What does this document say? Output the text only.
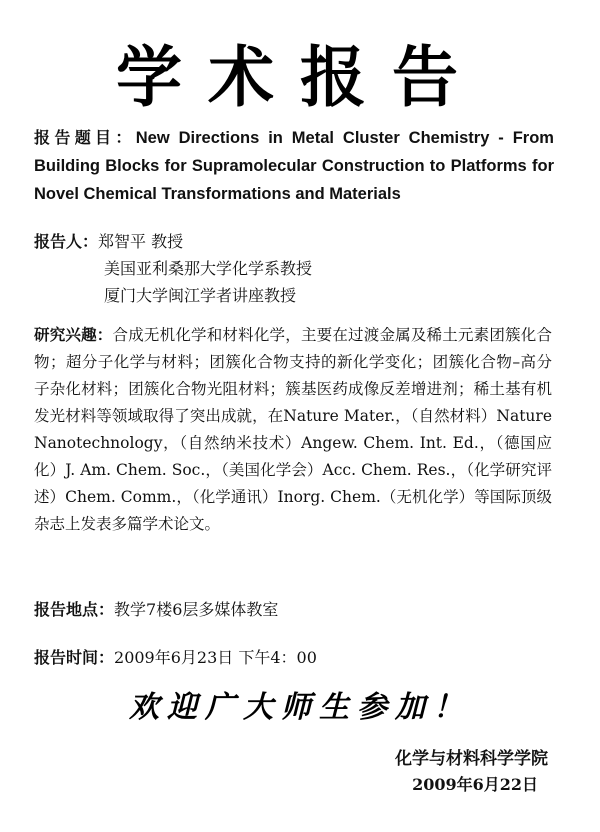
学术报告
报告题目：New Directions in Metal Cluster Chemistry - From Building Blocks for Supramolecular Construction to Platforms for Novel Chemical Transformations and Materials
报告人：郑智平 教授
美国亚利桑那大学化学系教授
厦门大学闽江学者讲座教授
研究兴趣：合成无机化学和材料化学，主要在过渡金属及稀土元素团簇化合物；超分子化学与材料；团簇化合物支持的新化学变化；团簇化合物–高分子杂化材料；团簇化合物光阻材料；簇基医药成像反差增进剂；稀土基有机发光材料等领域取得了突出成就，在Nature Mater.，（自然材料）Nature Nanotechnology，（自然纳米技术）Angew. Chem. Int. Ed.，（德国应化）J. Am. Chem. Soc.，（美国化学会）Acc. Chem. Res.，（化学研究评述）Chem. Comm.，（化学通讯）Inorg. Chem.（无机化学）等国际顶级杂志上发表多篇学术论文。
报告地点：教学7楼6层多媒体教室
报告时间：2009年6月23日 下午4：00
欢迎广大师生参加！
化学与材料科学学院
2009年6月22日
